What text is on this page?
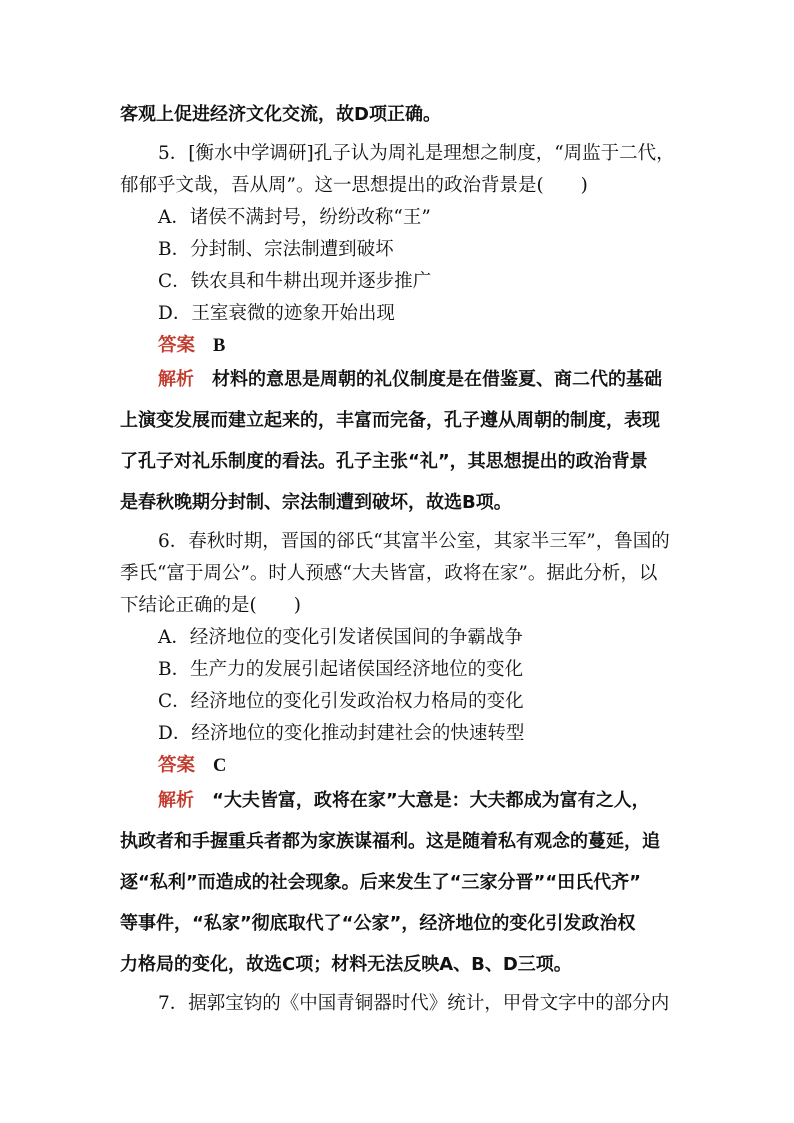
客观上促进经济文化交流，故D项正确。
5．[衡水中学调研]孔子认为周礼是理想之制度，“周监于二代，
郁郁乎文哉，吾从周”。这一思想提出的政治背景是(　　)
A．诸侯不满封号，纷纷改称“王”
B．分封制、宗法制遭到破坏
C．铁农具和牛耕出现并逐步推广
D．王室衰微的迹象开始出现
答案 B
解析 材料的意思是周朝的礼仪制度是在借鉴夏、商二代的基础
上演变发展而建立起来的，丰富而完备，孔子遵从周朝的制度，表现
了孔子对礼乐制度的看法。孔子主张“礼”，其思想提出的政治背景
是春秋晚期分封制、宗法制遭到破坏，故选B项。
6．春秋时期，晋国的郤氏“其富半公室，其家半三军”，鲁国的
季氏“富于周公”。时人预感“大夫皆富，政将在家”。据此分析，以
下结论正确的是(　　)
A．经济地位的变化引发诸侯国间的争霸战争
B．生产力的发展引起诸侯国经济地位的变化
C．经济地位的变化引发政治权力格局的变化
D．经济地位的变化推动封建社会的快速转型
答案 C
解析 “大夫皆富，政将在家”大意是：大夫都成为富有之人，
执政者和手握重兵者都为家族谋福利。这是随着私有观念的蔓延，追
逐“私利”而造成的社会现象。后来发生了“三家分晋”“田氏代齐”
等事件，“私家”彻底取代了“公家”，经济地位的变化引发政治权
力格局的变化，故选C项；材料无法反映A、B、D三项。
7．据郭宝钧的《中国青铜器时代》统计，甲骨文字中的部分内
